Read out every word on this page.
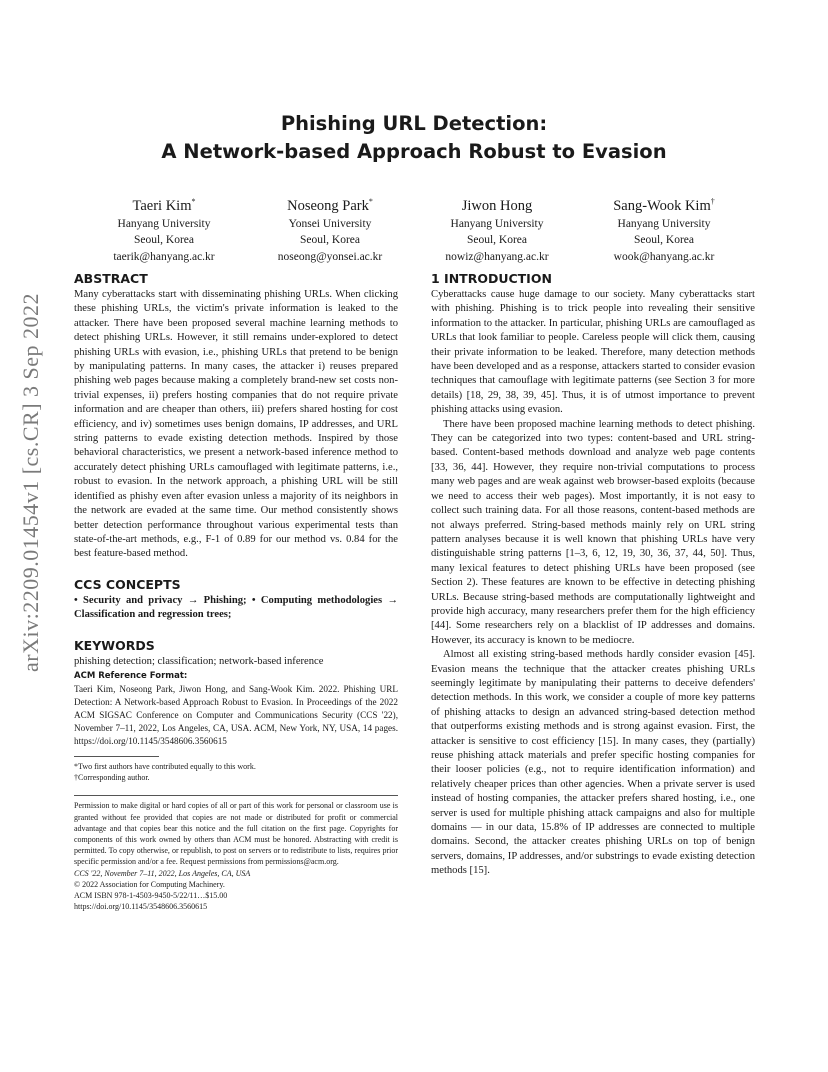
arXiv:2209.01454v1 [cs.CR] 3 Sep 2022
Phishing URL Detection:
A Network-based Approach Robust to Evasion
Taeri Kim*
Hanyang University
Seoul, Korea
taerik@hanyang.ac.kr
Noseong Park*
Yonsei University
Seoul, Korea
noseong@yonsei.ac.kr
Jiwon Hong
Hanyang University
Seoul, Korea
nowiz@hanyang.ac.kr
Sang-Wook Kim†
Hanyang University
Seoul, Korea
wook@hanyang.ac.kr
ABSTRACT

Many cyberattacks start with disseminating phishing URLs. When clicking these phishing URLs, the victim's private information is leaked to the attacker. There have been proposed several machine learning methods to detect phishing URLs. However, it still remains under-explored to detect phishing URLs with evasion, i.e., phishing URLs that pretend to be benign by manipulating patterns. In many cases, the attacker i) reuses prepared phishing web pages because making a completely brand-new set costs non-trivial expenses, ii) prefers hosting companies that do not require private information and are cheaper than others, iii) prefers shared hosting for cost efficiency, and iv) sometimes uses benign domains, IP addresses, and URL string patterns to evade existing detection methods. Inspired by those behavioral characteristics, we present a network-based inference method to accurately detect phishing URLs camouflaged with legitimate patterns, i.e., robust to evasion. In the network approach, a phishing URL will be still identified as phishy even after evasion unless a majority of its neighbors in the network are evaded at the same time. Our method consistently shows better detection performance throughout various experimental tests than state-of-the-art methods, e.g., F-1 of 0.89 for our method vs. 0.84 for the best feature-based method.

CCS CONCEPTS

• Security and privacy → Phishing; • Computing methodologies → Classification and regression trees;

KEYWORDS

phishing detection; classification; network-based inference

ACM Reference Format:

Taeri Kim, Noseong Park, Jiwon Hong, and Sang-Wook Kim. 2022. Phishing URL Detection: A Network-based Approach Robust to Evasion. In Proceedings of the 2022 ACM SIGSAC Conference on Computer and Communications Security (CCS '22), November 7–11, 2022, Los Angeles, CA, USA. ACM, New York, NY, USA, 14 pages. https://doi.org/10.1145/3548606.3560615

*Two first authors have contributed equally to this work.

†Corresponding author.

Permission to make digital or hard copies of all or part of this work for personal or classroom use is granted without fee provided that copies are not made or distributed for profit or commercial advantage and that copies bear this notice and the full citation on the first page. Copyrights for components of this work owned by others than ACM must be honored. Abstracting with credit is permitted. To copy otherwise, or republish, to post on servers or to redistribute to lists, requires prior specific permission and/or a fee. Request permissions from permissions@acm.org.

CCS '22, November 7–11, 2022, Los Angeles, CA, USA

© 2022 Association for Computing Machinery.

ACM ISBN 978-1-4503-9450-5/22/11…$15.00

https://doi.org/10.1145/3548606.3560615

1 INTRODUCTION

Cyberattacks cause huge damage to our society. Many cyberattacks start with phishing. Phishing is to trick people into revealing their sensitive information to the attacker. In particular, phishing URLs are camouflaged as URLs that look familiar to people. Careless people will click them, causing their private information to be leaked. Therefore, many detection methods have been developed and as a response, attackers started to consider evasion techniques that camouflage with legitimate patterns (see Section 3 for more details) [18, 29, 38, 39, 45]. Thus, it is of utmost importance to prevent phishing attacks using evasion.

There have been proposed machine learning methods to detect phishing. They can be categorized into two types: content-based and URL string-based. Content-based methods download and analyze web page contents [33, 36, 44]. However, they require non-trivial computations to process many web pages and are weak against web browser-based exploits (because we need to access their web pages). Most importantly, it is not easy to collect such training data. For all those reasons, content-based methods are not always preferred. String-based methods mainly rely on URL string pattern analyses because it is well known that phishing URLs have very distinguishable string patterns [1–3, 6, 12, 19, 30, 36, 37, 44, 50]. Thus, many lexical features to detect phishing URLs have been proposed (see Section 2). These features are known to be effective in detecting phishing URLs. Because string-based methods are computationally lightweight and provide high accuracy, many researchers prefer them for the high efficiency [44]. Some researchers rely on a blacklist of IP addresses and domains. However, its accuracy is known to be mediocre.

Almost all existing string-based methods hardly consider evasion [45]. Evasion means the technique that the attacker creates phishing URLs seemingly legitimate by manipulating their patterns to deceive defenders' detection methods. In this work, we consider a couple of more key patterns of phishing attacks to design an advanced string-based detection method that outperforms existing methods and is strong against evasion. First, the attacker is sensitive to cost efficiency [15]. In many cases, they (partially) reuse phishing attack materials and prefer specific hosting companies for their looser policies (e.g., not to require identification information) and relatively cheaper prices than other agencies. When a private server is used instead of hosting companies, the attacker prefers shared hosting, i.e., one server is used for multiple phishing attack campaigns and also for multiple domains — in our data, 15.8% of IP addresses are connected to multiple domains. Second, the attacker creates phishing URLs on top of benign servers, domains, IP addresses, and/or substrings to evade existing detection methods [15].
